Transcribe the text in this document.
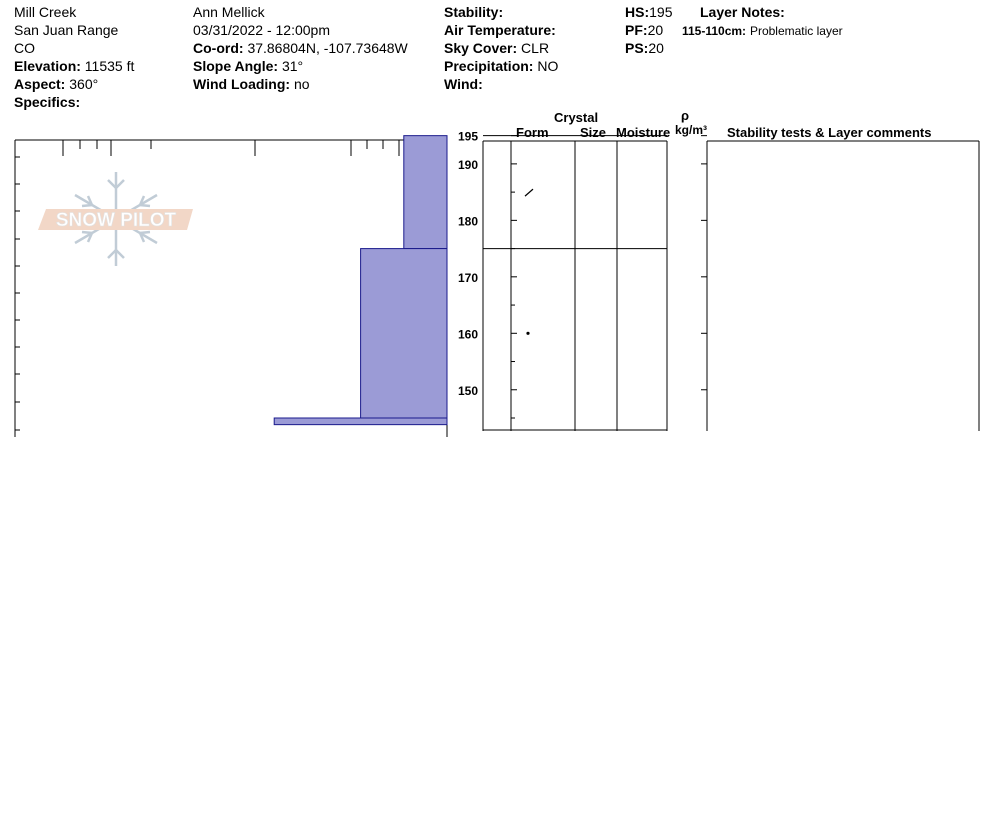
Mill Creek
San Juan Range
CO
Elevation: 11535 ft
Aspect: 360°
Specifics:
Ann Mellick
03/31/2022 - 12:00pm
Co-ord: 37.86804N, -107.73648W
Slope Angle: 31°
Wind Loading: no
Stability:
Air Temperature:
Sky Cover: CLR
Precipitation: NO
Wind:
HS:195
PF:20
PS:20
Layer Notes:
115-110cm: Problematic layer
Crystal
Form Size Moisture
ρ
kg/m³ Stability tests & Layer comments
SNOW PILOT
150
160
170
180
190
195
